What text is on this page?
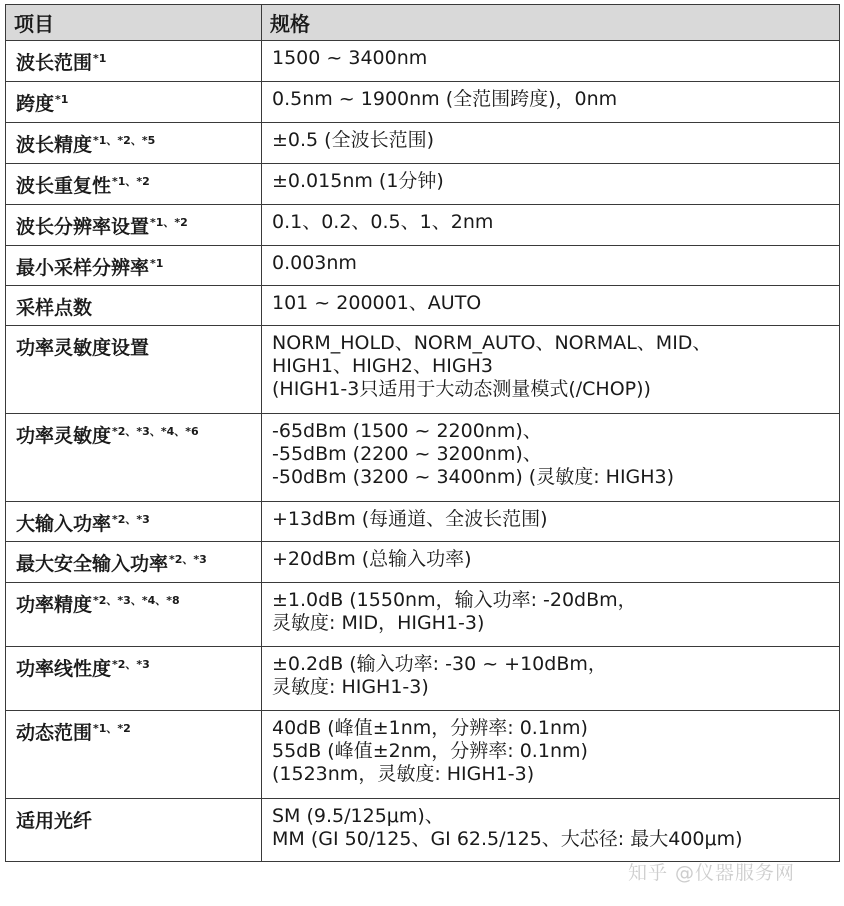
项目	规格
波长范围$^{*1}$	1500 ~ 3400nm

跨度$^{*1}$	0.5nm ~ 1900nm (全范围跨度)，0nm

波长精度$^{*1、*2、*5}$	±0.5 (全波长范围)

波长重复性$^{*1、*2}$	±0.015nm (1分钟)

波长分辨率设置$^{*1、*2}$	0.1、0.2、0.5、1、2nm

最小采样分辨率$^{*1}$	0.003nm

采样点数	101 ~ 200001、AUTO

功率灵敏度设置	NORM_HOLD、NORM_AUTO、NORMAL、MID、
HIGH1、HIGH2、HIGH3
(HIGH1-3只适用于大动态测量模式(/CHOP))

功率灵敏度$^{*2、*3、*4、*6}$	-65dBm (1500 ~ 2200nm)、
-55dBm (2200 ~ 3200nm)、
-50dBm (3200 ~ 3400nm) (灵敏度: HIGH3)

大输入功率$^{*2、*3}$	+13dBm (每通道、全波长范围)

最大安全输入功率$^{*2、*3}$	+20dBm (总输入功率)

功率精度$^{*2、*3、*4、*8}$	±1.0dB (1550nm，输入功率: -20dBm，
灵敏度: MID，HIGH1-3)

功率线性度$^{*2、*3}$	±0.2dB (输入功率: -30 ~ +10dBm，
灵敏度: HIGH1-3)

动态范围$^{*1、*2}$	40dB (峰值±1nm，分辨率: 0.1nm)
55dB (峰值±2nm，分辨率: 0.1nm)
(1523nm，灵敏度: HIGH1-3)

适用光纤	SM (9.5/125μm)、
MM (GI 50/125、GI 62.5/125、大芯径: 最大400μm)
知乎 @仪器服务网
